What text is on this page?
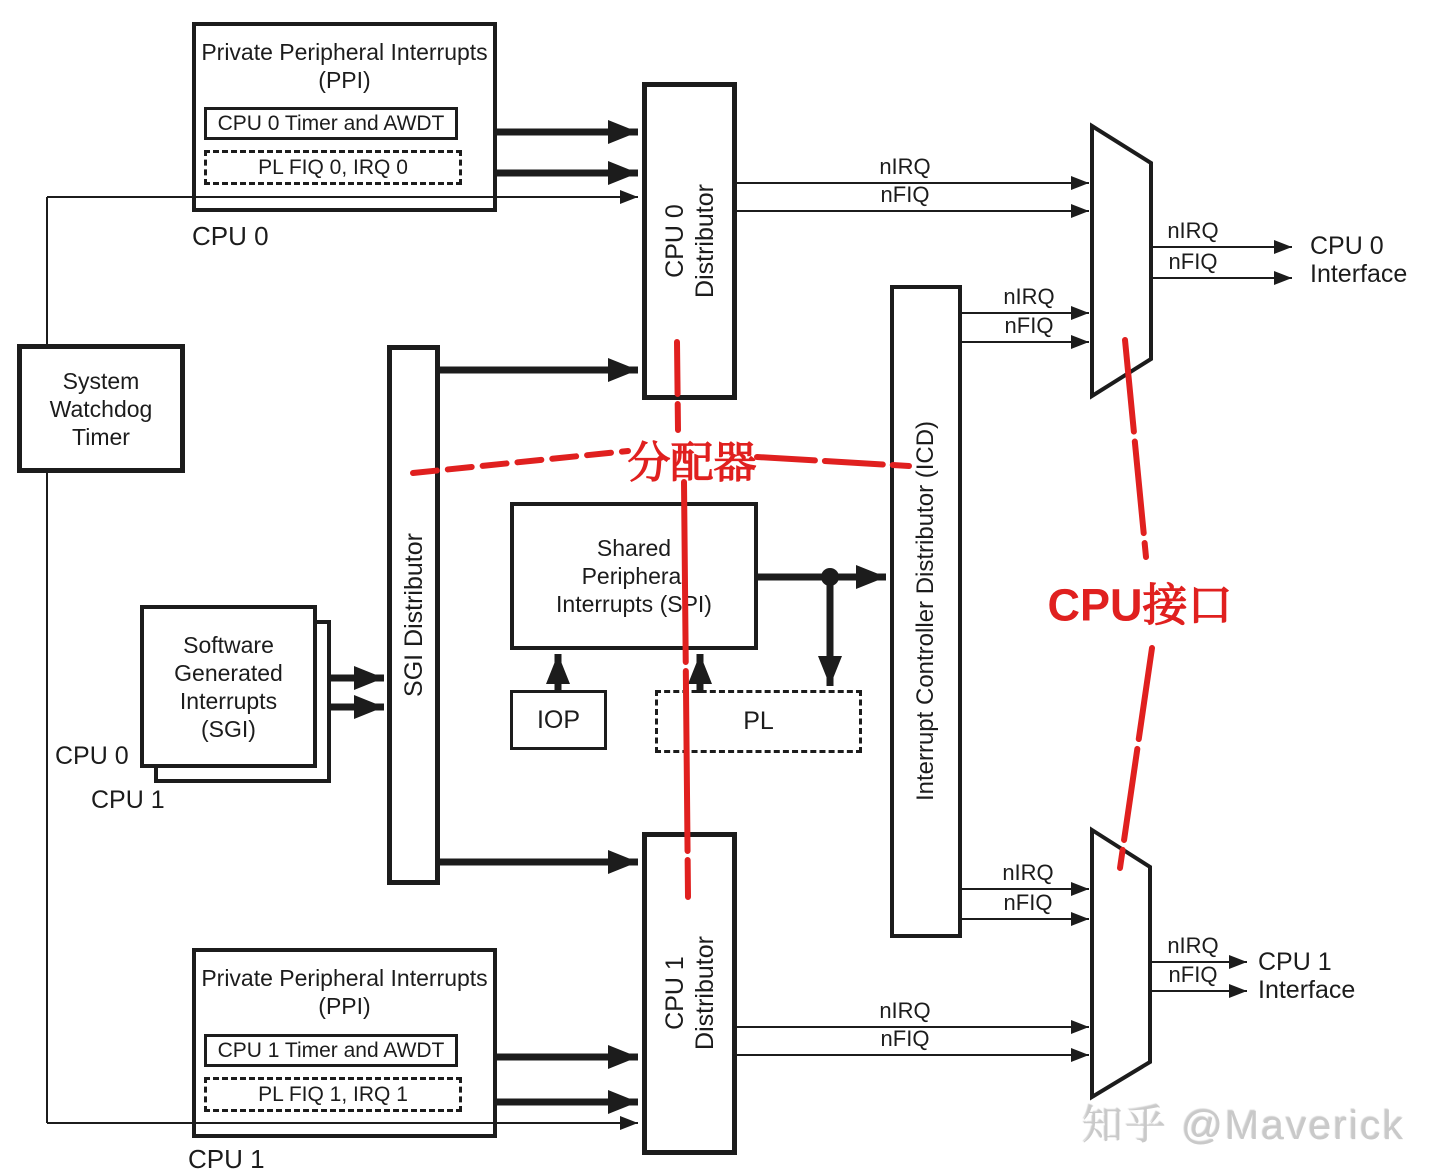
Private Peripheral Interrupts (PPI)
CPU 0 Timer and AWDT
PL FIQ 0, IRQ 0
CPU 0
Private Peripheral Interrupts (PPI)
CPU 1 Timer and AWDT
PL FIQ 1, IRQ 1
CPU 1
System Watchdog Timer
Software Generated Interrupts (SGI)
CPU 0
CPU 1
SGI Distributor
CPU 0 Distributor
CPU 1 Distributor
Interrupt Controller Distributor (ICD)
Shared Peripheral Interrupts (SPI)
IOP	PL
nIRQ
nFIQ
nIRQ
nFIQ
nIRQ
nFIQ
nIRQ
nFIQ
nIRQ
nFIQ
nIRQ
nFIQ
CPU 0
Interface
CPU 1
Interface
分配器
CPU接口
知乎 @Maverick
